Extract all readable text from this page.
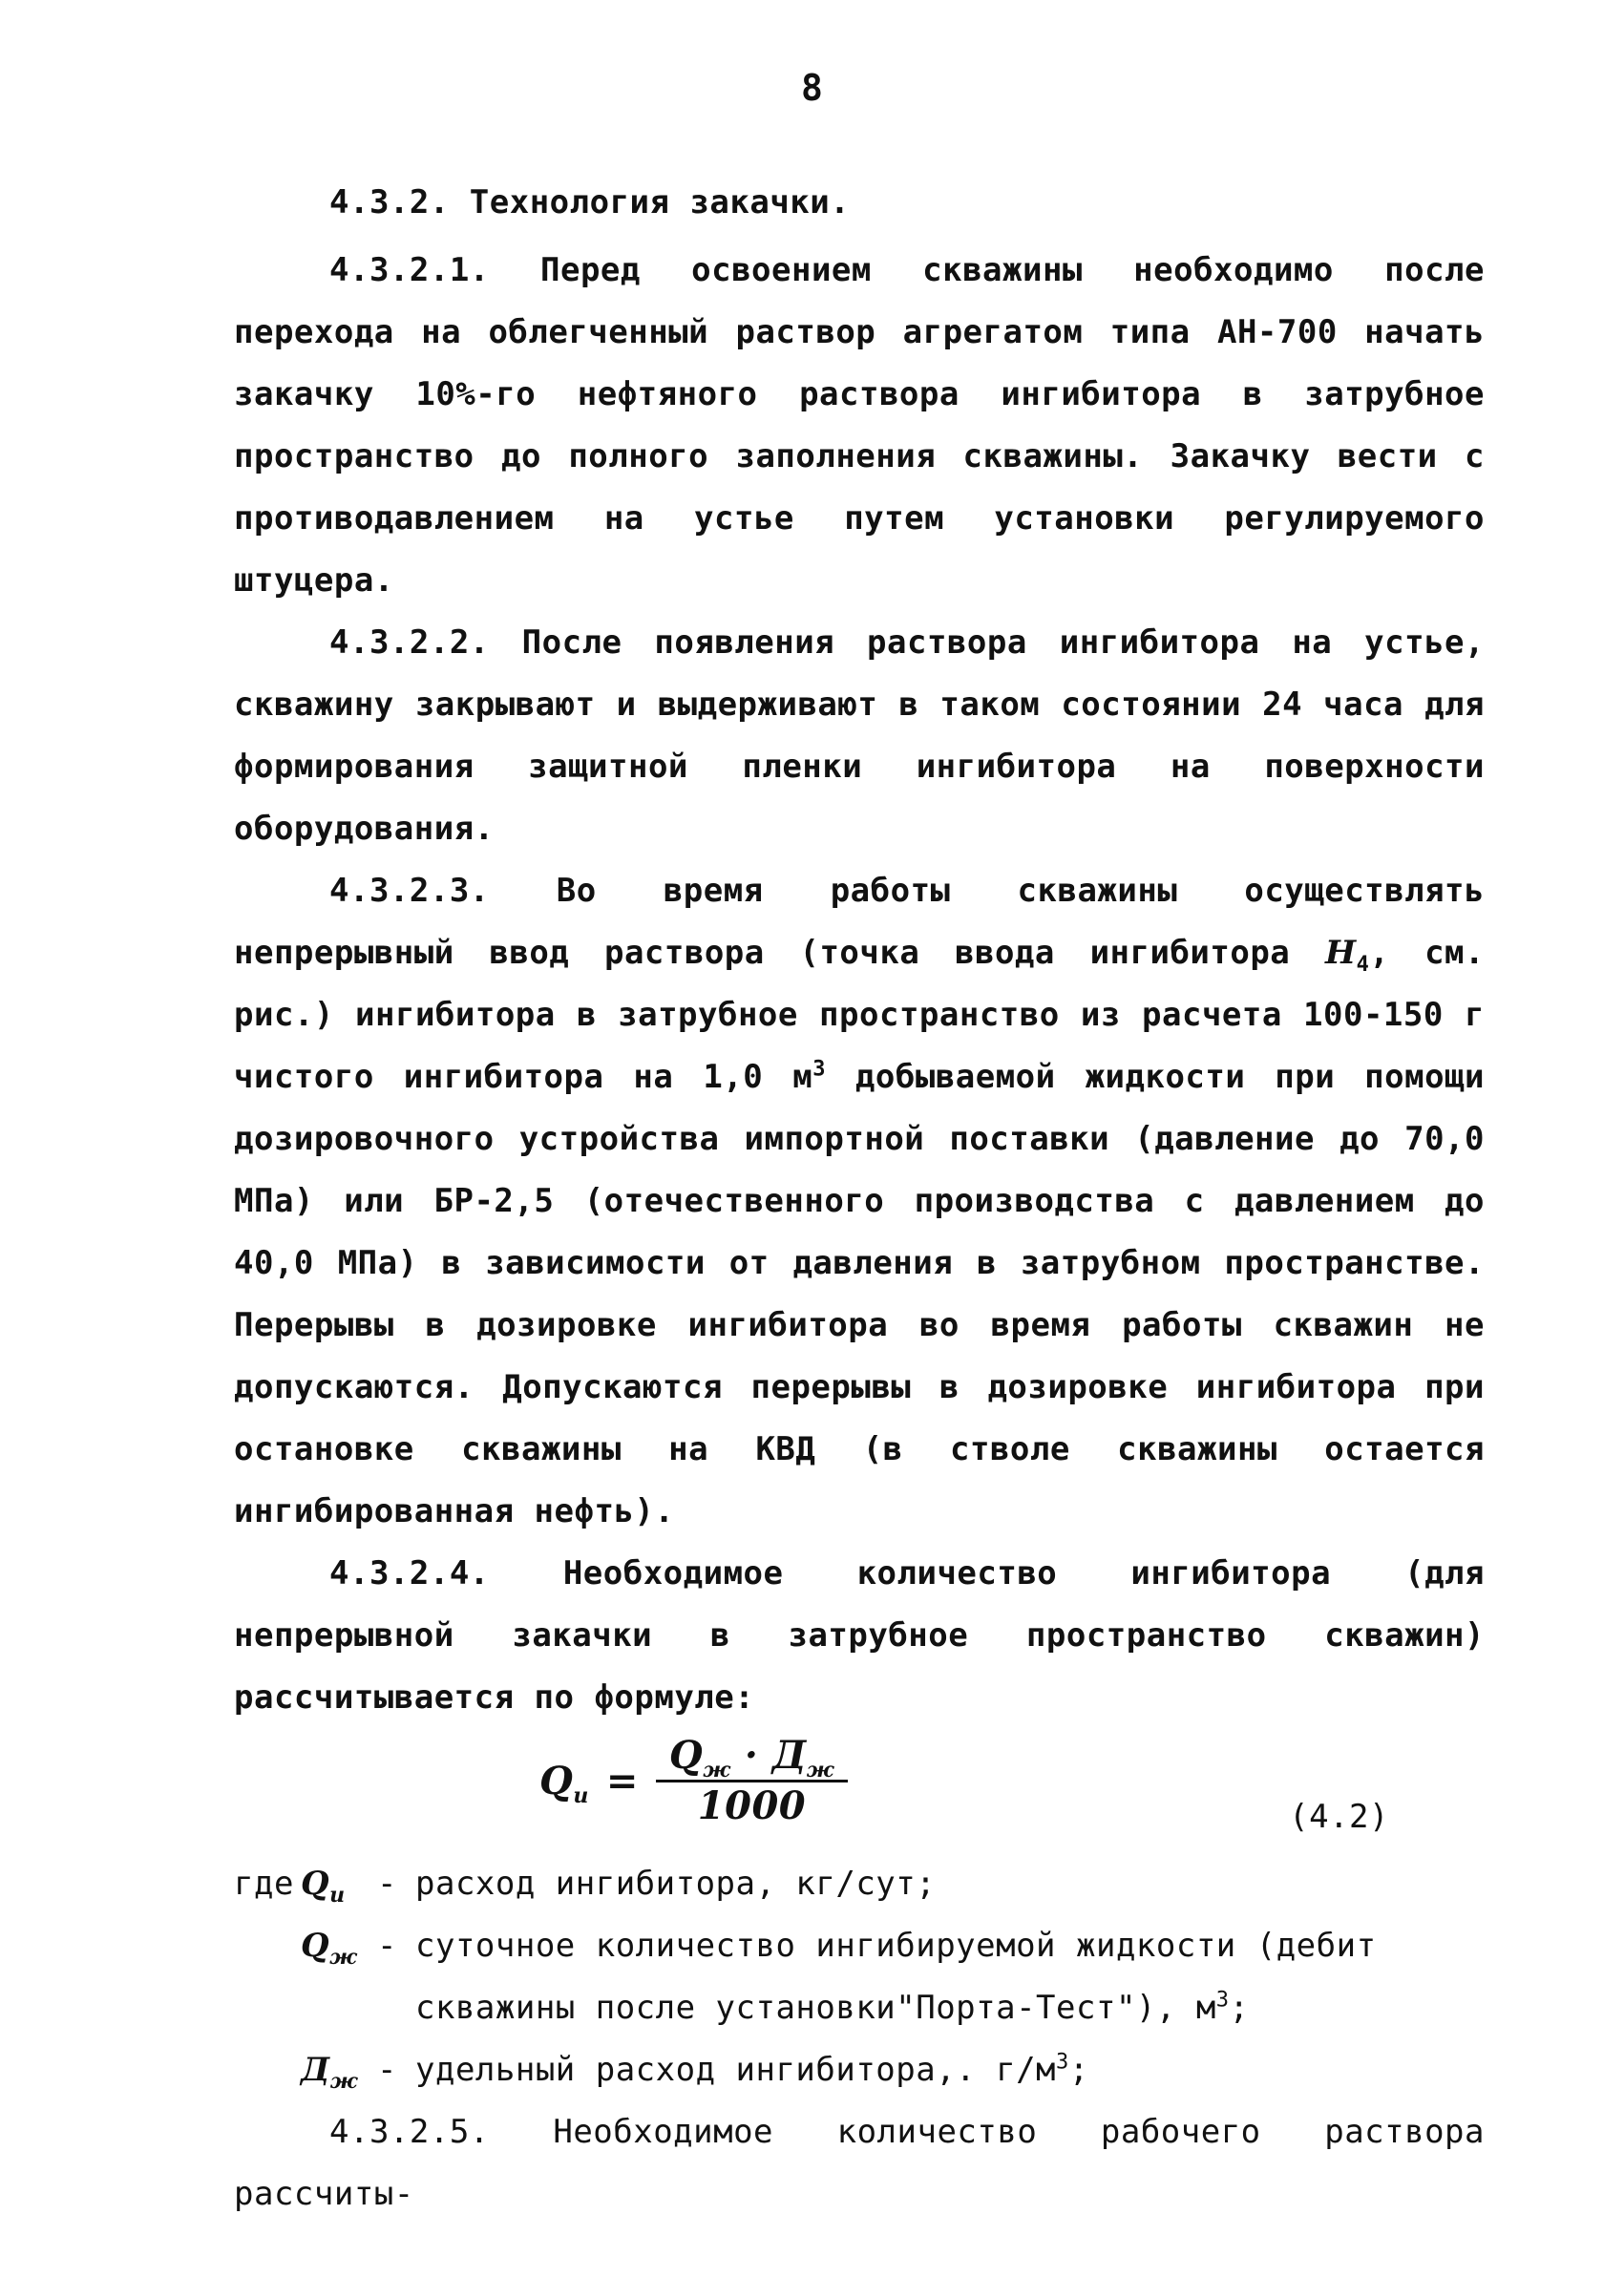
8

4.3.2. Технология закачки.

4.3.2.1. Перед освоением скважины необходимо после перехода на облегченный раствор агрегатом типа АН-700 начать закачку 10%-го нефтяного раствора ингибитора в затрубное пространство до полного заполнения скважины. Закачку вести с противодавлением на устье путем установки регулируемого штуцера.

4.3.2.2. После появления раствора ингибитора на устье, скважину закрывают и выдерживают в таком состоянии 24 часа для формирования защитной пленки ингибитора на поверхности оборудования.

4.3.2.3. Во время работы скважины осуществлять непрерывный ввод раствора (точка ввода ингибитора $H_4$, см. рис.) ингибитора в затрубное пространство из расчета 100-150 г чистого ингибитора на 1,0 $м^3$ добываемой жидкости при помощи дозировочного устройства импортной поставки (давление до 70,0 МПа) или БР-2,5 (отечественного производства с давлением до 40,0 МПа) в зависимости от давления в затрубном пространстве. Перерывы в дозировке ингибитора во время работы скважин не допускаются. Допускаются перерывы в дозировке ингибитора при остановке скважины на КВД (в стволе скважины остается ингибированная нефть).

4.3.2.4. Необходимое количество ингибитора (для непрерывной закачки в затрубное пространство скважин) рассчитывается по формуле:

$Q_и = \frac{Q_ж \cdot Д_ж}{1000}$	(4.2)
где $Q_и$ - расход ингибитора, кг/сут;
$Q_ж$ - суточное количество ингибируемой жидкости (дебит скважины после установки"Порта-Тест"), $м^3$;
$Д_ж$ - удельный расход ингибитора,. $г/м^3$;

4.3.2.5. Необходимое количество рабочего раствора рассчиты-
